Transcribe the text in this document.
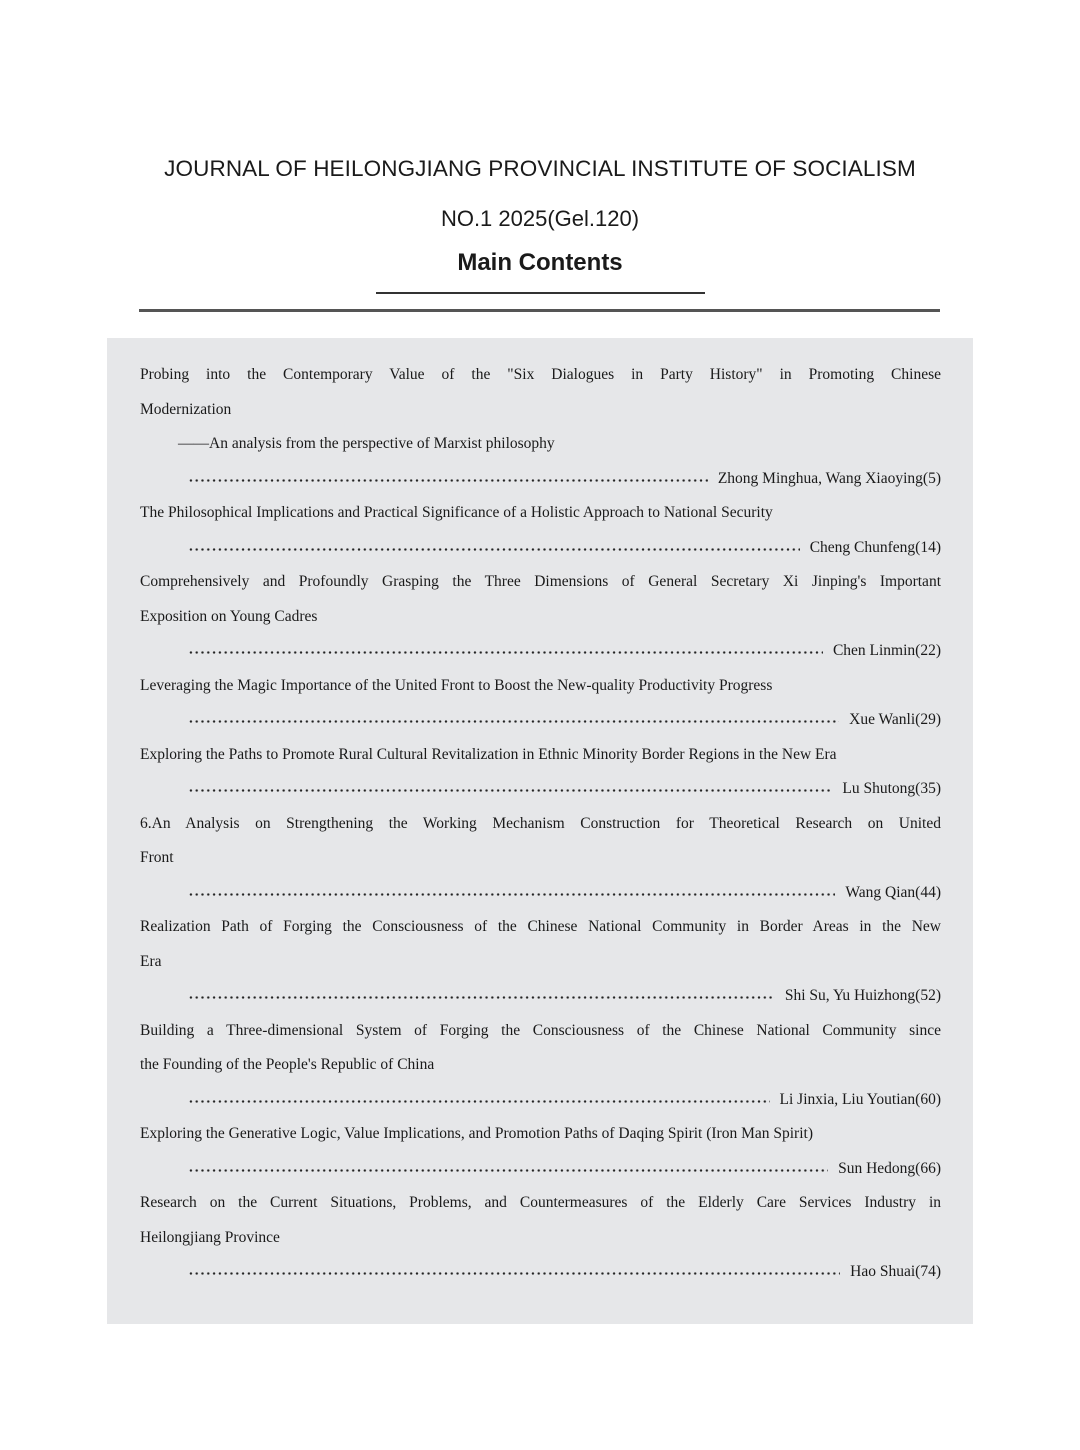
JOURNAL OF HEILONGJIANG PROVINCIAL INSTITUTE OF SOCIALISM
NO.1 2025(Gel.120)
Main Contents
Probing into the Contemporary Value of the "Six Dialogues in Party History" in Promoting Chinese
Modernization
——An analysis from the perspective of Marxist philosophy
Zhong Minghua, Wang Xiaoying(5)
The Philosophical Implications and Practical Significance of a Holistic Approach to National Security
Cheng Chunfeng(14)
Comprehensively and Profoundly Grasping the Three Dimensions of General Secretary Xi Jinping's Important
Exposition on Young Cadres
Chen Linmin(22)
Leveraging the Magic Importance of the United Front to Boost the New-quality Productivity Progress
Xue Wanli(29)
Exploring the Paths to Promote Rural Cultural Revitalization in Ethnic Minority Border Regions in the New Era
Lu Shutong(35)
6.An Analysis on Strengthening the Working Mechanism Construction for Theoretical Research on United
Front
Wang Qian(44)
Realization Path of Forging the Consciousness of the Chinese National Community in Border Areas in the New
Era
Shi Su, Yu Huizhong(52)
Building a Three-dimensional System of Forging the Consciousness of the Chinese National Community since
the Founding of the People's Republic of China
Li Jinxia, Liu Youtian(60)
Exploring the Generative Logic, Value Implications, and Promotion Paths of Daqing Spirit (Iron Man Spirit)
Sun Hedong(66)
Research on the Current Situations, Problems, and Countermeasures of the Elderly Care Services Industry in
Heilongjiang Province
Hao Shuai(74)
